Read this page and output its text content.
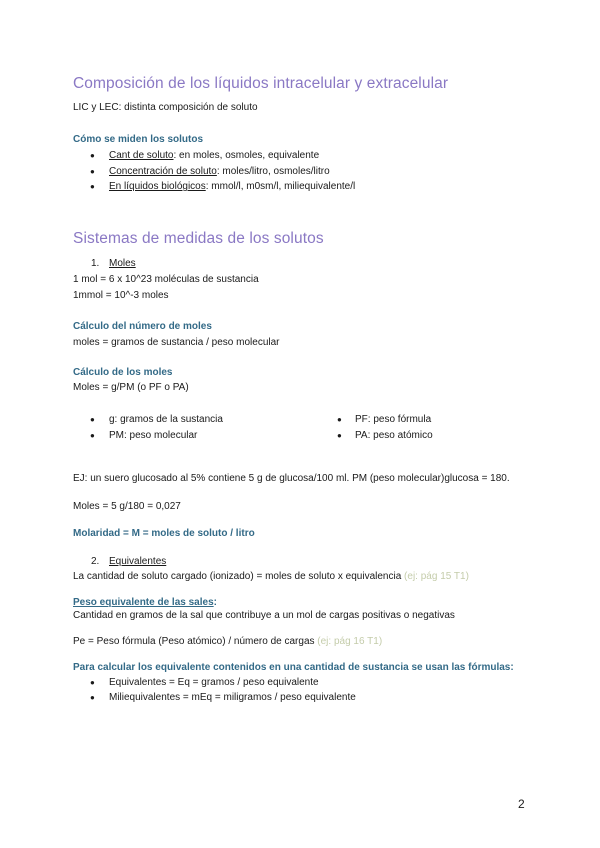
Composición de los líquidos intracelular y extracelular
LIC y LEC: distinta composición de soluto
Cómo se miden los solutos
● Cant de soluto: en moles, osmoles, equivalente
● Concentración de soluto: moles/litro, osmoles/litro
● En líquidos biológicos: mmol/l, m0sm/l, miliequivalente/l
Sistemas de medidas de los solutos
1. Moles
1 mol = 6 x 10^23 moléculas de sustancia
1mmol = 10^-3 moles
Cálculo del número de moles
moles = gramos de sustancia / peso molecular
Cálculo de los moles
Moles = g/PM (o PF o PA)
● g: gramos de la sustancia
● PM: peso molecular
● PF: peso fórmula
● PA: peso atómico
EJ: un suero glucosado al 5% contiene 5 g de glucosa/100 ml. PM (peso molecular)glucosa = 180.
Moles = 5 g/180 = 0,027
Molaridad = M = moles de soluto / litro
2. Equivalentes
La cantidad de soluto cargado (ionizado) = moles de soluto x equivalencia (ej: pág 15 T1)
Peso equivalente de las sales:
Cantidad en gramos de la sal que contribuye a un mol de cargas positivas o negativas
Pe = Peso fórmula (Peso atómico) / número de cargas (ej: pág 16 T1)
Para calcular los equivalente contenidos en una cantidad de sustancia se usan las fórmulas:
● Equivalentes = Eq = gramos / peso equivalente
● Miliequivalentes = mEq = miligramos / peso equivalente
2
